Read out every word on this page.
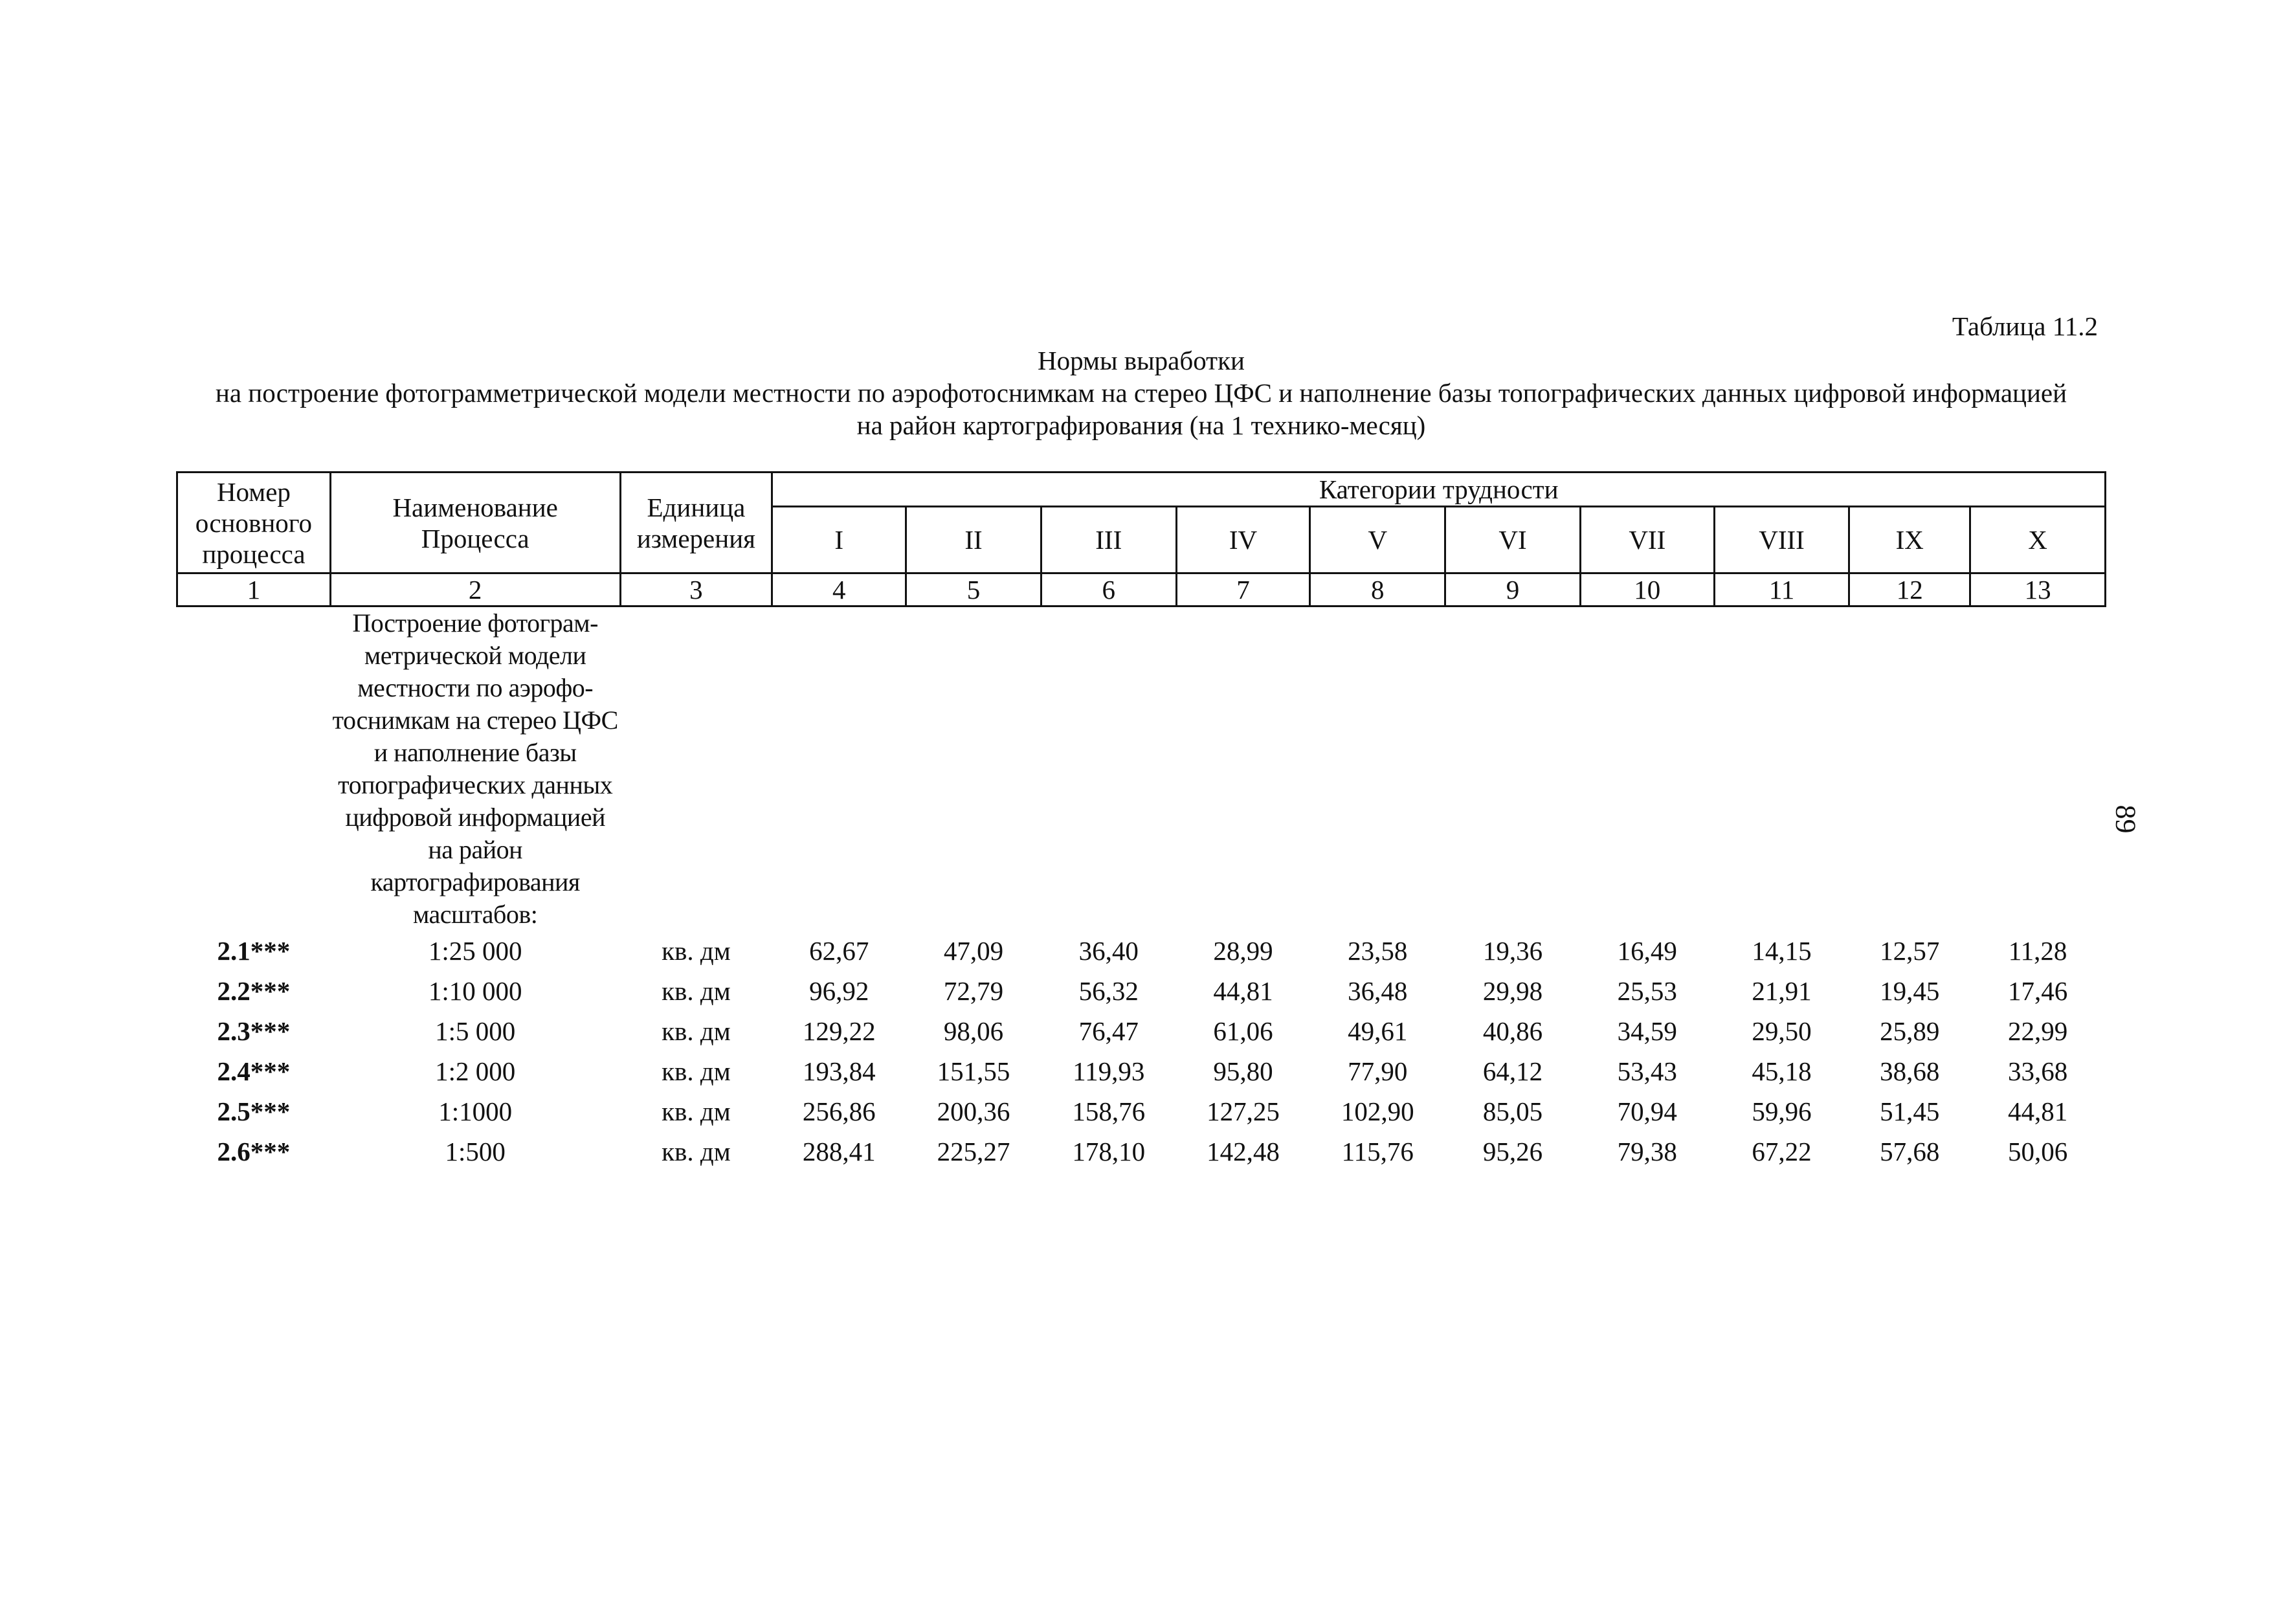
Таблица 11.2
Нормы выработки
на построение фотограмметрической модели местности по аэрофотоснимкам на стерео ЦФС и наполнение базы топографических данных цифровой информацией
на район картографирования (на 1 технико-месяц)
89
Номер основного процесса	Наименование Процесса	Единица измерения	Категории трудности									
			I	II	III	IV	V	VI	VII	VIII	IX	X
1	2	3	4	5	6	7	8	9	10	11	12	13
	Построение фотограм-метрической модели местности по аэрофо-тоснимкам на стерео ЦФС и наполнение базы топографических данных цифровой информацией на район картографирования масштабов:											
2.1***	1:25 000	кв. дм	62,67	47,09	36,40	28,99	23,58	19,36	16,49	14,15	12,57	11,28
2.2***	1:10 000	кв. дм	96,92	72,79	56,32	44,81	36,48	29,98	25,53	21,91	19,45	17,46
2.3***	1:5 000	кв. дм	129,22	98,06	76,47	61,06	49,61	40,86	34,59	29,50	25,89	22,99
2.4***	1:2 000	кв. дм	193,84	151,55	119,93	95,80	77,90	64,12	53,43	45,18	38,68	33,68
2.5***	1:1000	кв. дм	256,86	200,36	158,76	127,25	102,90	85,05	70,94	59,96	51,45	44,81
2.6***	1:500	кв. дм	288,41	225,27	178,10	142,48	115,76	95,26	79,38	67,22	57,68	50,06
